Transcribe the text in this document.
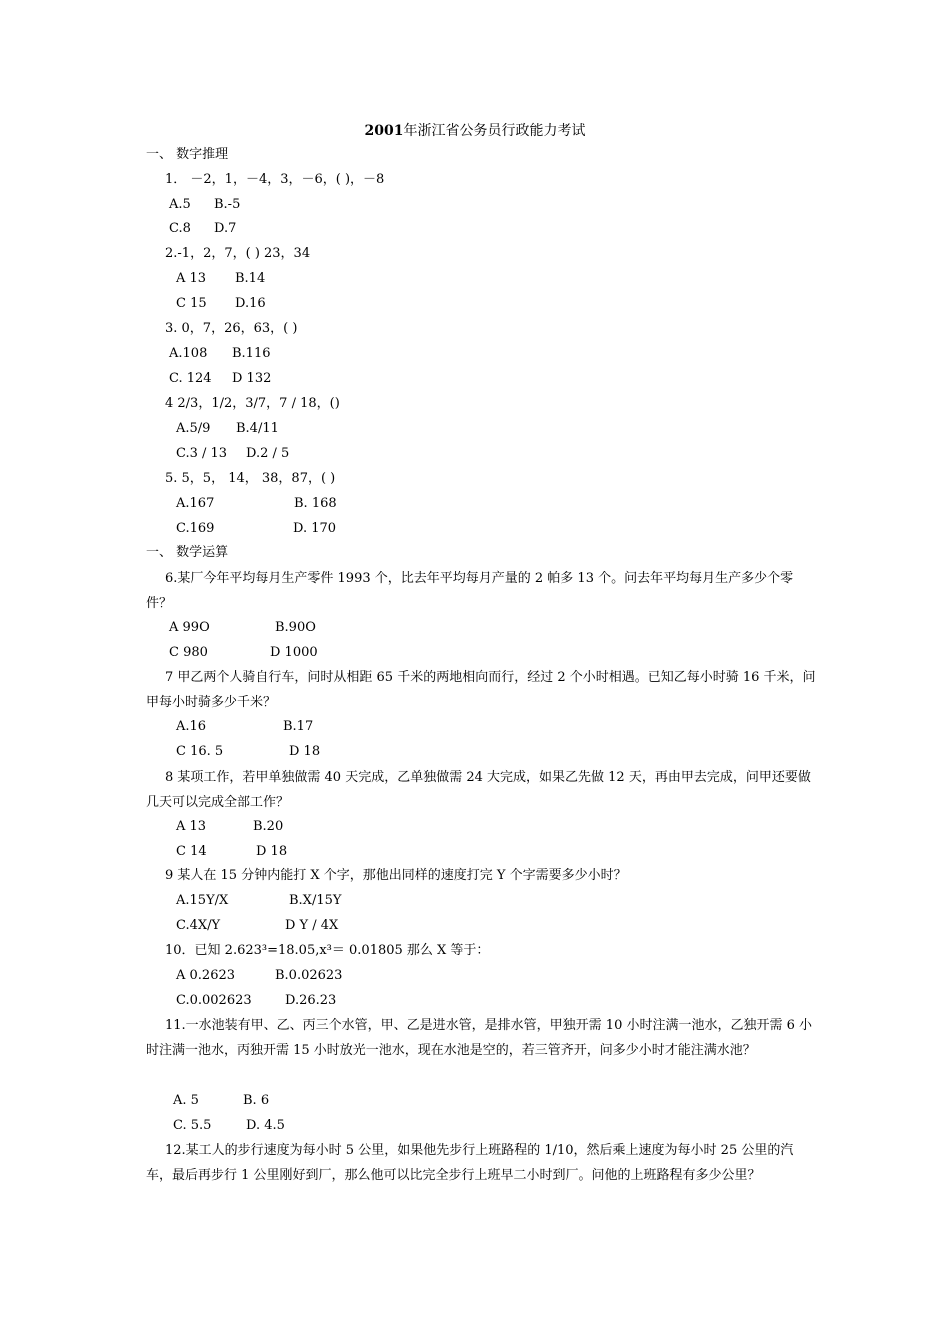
2001年浙江省公务员行政能力考试
一、 数字推理
1． －2，1，－4，3，－6，( )，－8
A.5 B.-5
C.8 D.7
2.-1，2，7，( ) 23，34
A 13 B.14
C 15 D.16
3. 0，7，26，63，( )
A.108 B.116
C. 124 D 132
4 2/3，1/2，3/7，7 / 18，()
A.5/9 B.4/11
C.3 / 13 D.2 / 5
5. 5，5， 14， 38，87，( )
A.167	B. 168
C.169	D. 170
一、 数学运算
6.某厂今年平均每月生产零件 1993 个，比去年平均每月产量的 2 帕多 13 个。问去年平均每月生产多少个零件？
A 99O	B.90O
C 980	D 1000
7 甲乙两个人骑自行车，问时从相距 65 千米的两地相向而行，经过 2 个小时相遇。已知乙每小时骑 16 千米，问甲每小时骑多少千米？
A.16	B.17
C 16. 5	D 18
8 某项工作，若甲单独做需 40 天完成，乙单独做需 24 大完成，如果乙先做 12 天，再由甲去完成，问甲还要做几天可以完成全部工作？
A 13	B.20
C 14	D 18
9 某人在 15 分钟内能打 X 个字，那他出同样的速度打完 Y 个字需要多少小时？
A.15Y/X	B.X/15Y
C.4X/Y	D Y / 4X
10．已知 2.623³=18.05,x³＝ 0.01805 那么 X 等于：
A 0.2623	B.0.02623
C.0.002623	D.26.23
11.一水池装有甲、乙、丙三个水管，甲、乙是进水管，是排水管，甲独开需 10 小时注满一池水，乙独开需 6 小时注满一池水，丙独开需 15 小时放光一池水，现在水池是空的，若三管齐开，问多少小时才能注满水池？
A. 5	B. 6
C. 5.5	D. 4.5
12.某工人的步行速度为每小时 5 公里，如果他先步行上班路程的 1/10，然后乘上速度为每小时 25 公里的汽车，最后再步行 1 公里刚好到厂，那么他可以比完全步行上班早二小时到厂。问他的上班路程有多少公里？
